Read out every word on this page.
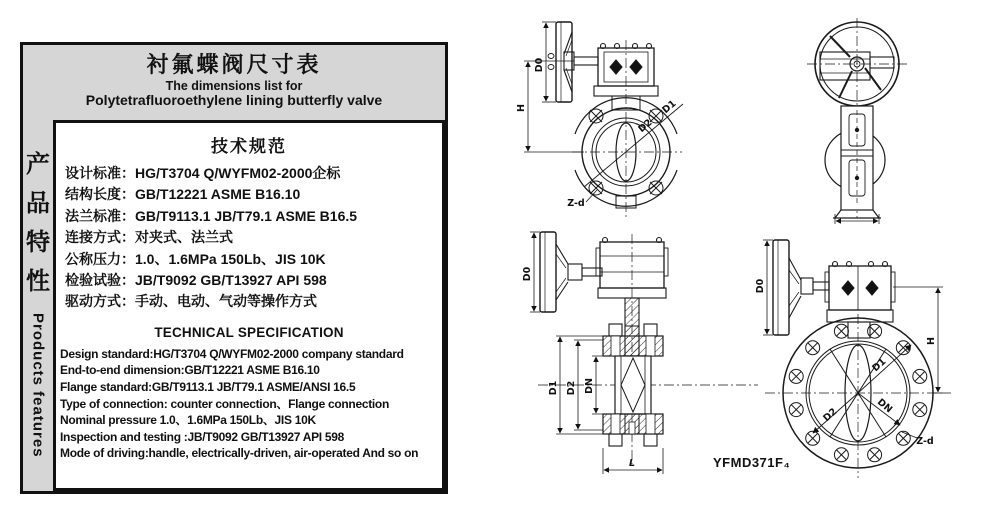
衬氟蝶阀尺寸表
The dimensions list for
Polytetrafluoroethylene lining butterfly valve
产
品
特
性
Products features
技术规范
设计标准：HG/T3704 Q/WYFM02-2000企标
结构长度：GB/T12221 ASME B16.10
法兰标准：GB/T9113.1 JB/T79.1 ASME B16.5
连接方式：对夹式、法兰式
公称压力：1.0、1.6MPa 150Lb、JIS 10K
检验试验：JB/T9092 GB/T13927 API 598
驱动方式：手动、电动、气动等操作方式
TECHNICAL SPECIFICATION
Design standard:HG/T3704 Q/WYFM02-2000 company standard
End-to-end dimension:GB/T12221 ASME B16.10
Flange standard:GB/T9113.1 JB/T79.1 ASME/ANSI 16.5
Type of connection: counter connection、Flange connection
Nominal pressure 1.0、1.6MPa 150Lb、JIS 10K
Inspection and testing :JB/T9092 GB/T13927 API 598
Mode of driving:handle, electrically-driven, air-operated And so on
D0
H
D2
D1
Z-d
D0
D1 D2 DN
L
D0
H
D1
DN
D2
Z-d
YFMD371F₄
